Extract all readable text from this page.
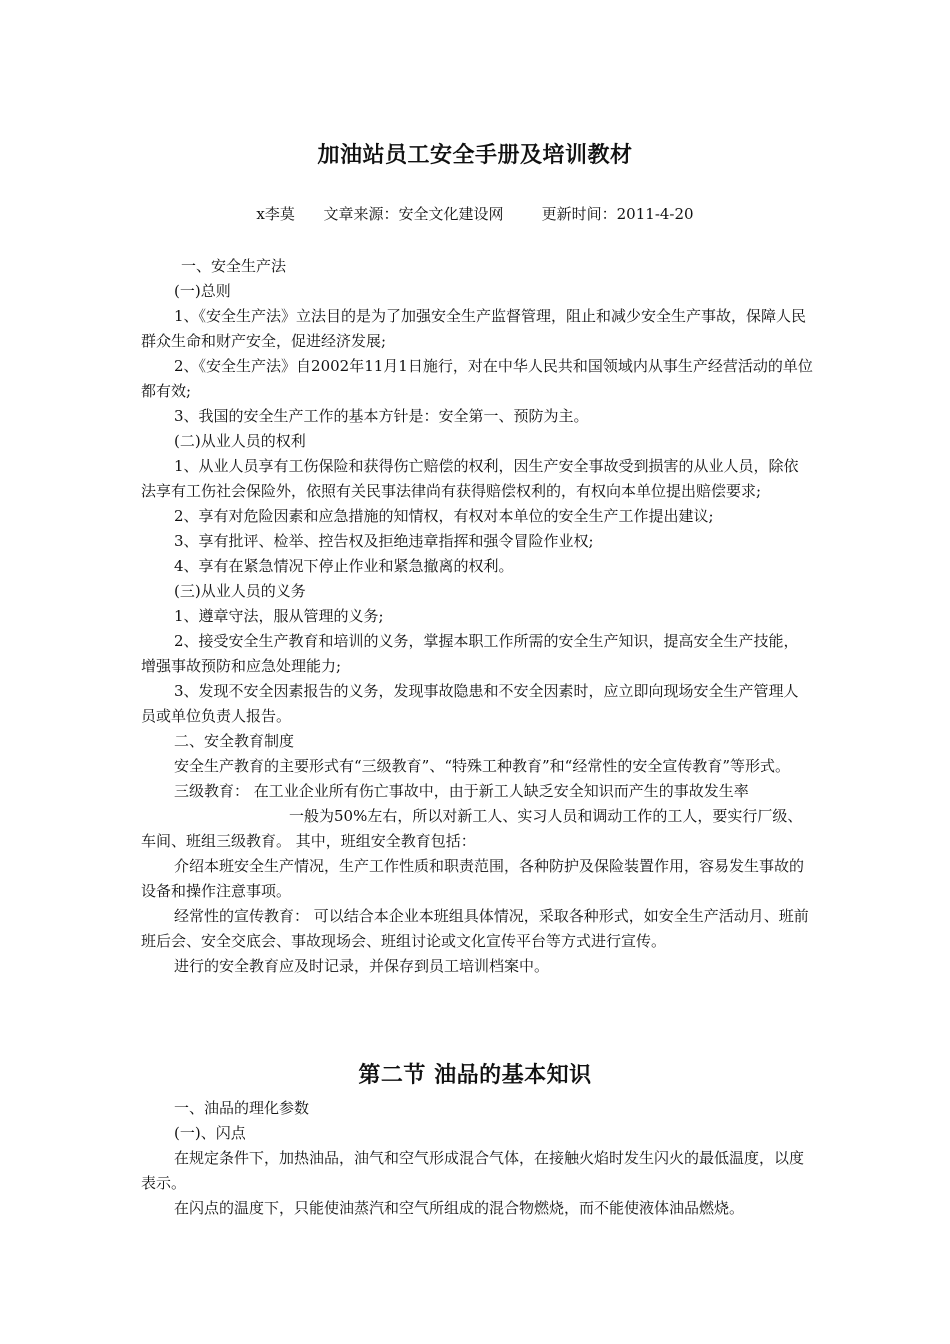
加油站员工安全手册及培训教材
x李莫 文章来源：安全文化建设网	更新时间：2011-4-20

一、安全生产法

(一)总则

1、《安全生产法》立法目的是为了加强安全生产监督管理，阻止和减少安全生产事故，保障人民群众生命和财产安全，促进经济发展;

2、《安全生产法》自2002年11月1日施行，对在中华人民共和国领域内从事生产经营活动的单位都有效;

3、我国的安全生产工作的基本方针是：安全第一、预防为主。

(二)从业人员的权利

1、从业人员享有工伤保险和获得伤亡赔偿的权利，因生产安全事故受到损害的从业人员，除依法享有工伤社会保险外，依照有关民事法律尚有获得赔偿权利的，有权向本单位提出赔偿要求;

2、享有对危险因素和应急措施的知情权，有权对本单位的安全生产工作提出建议;

3、享有批评、检举、控告权及拒绝违章指挥和强令冒险作业权;

4、享有在紧急情况下停止作业和紧急撤离的权利。

(三)从业人员的义务

1、遵章守法，服从管理的义务;

2、接受安全生产教育和培训的义务，掌握本职工作所需的安全生产知识，提高安全生产技能，增强事故预防和应急处理能力;

3、发现不安全因素报告的义务，发现事故隐患和不安全因素时，应立即向现场安全生产管理人员或单位负责人报告。

二、安全教育制度

安全生产教育的主要形式有“三级教育”、“特殊工种教育”和“经常性的安全宣传教育”等形式。

三级教育： 在工业企业所有伤亡事故中，由于新工人缺乏安全知识而产生的事故发生率一般为50%左右，所以对新工人、实习人员和调动工作的工人，要实行厂级、车间、班组三级教育。 其中，班组安全教育包括：

介绍本班安全生产情况，生产工作性质和职责范围，各种防护及保险装置作用，容易发生事故的设备和操作注意事项。

经常性的宣传教育： 可以结合本企业本班组具体情况，采取各种形式，如安全生产活动月、班前班后会、安全交底会、事故现场会、班组讨论或文化宣传平台等方式进行宣传。

进行的安全教育应及时记录，并保存到员工培训档案中。

第二节 油品的基本知识

一、油品的理化参数

(一)、闪点

在规定条件下，加热油品，油气和空气形成混合气体，在接触火焰时发生闪火的最低温度，以度表示。

在闪点的温度下，只能使油蒸汽和空气所组成的混合物燃烧，而不能使液体油品燃烧。
